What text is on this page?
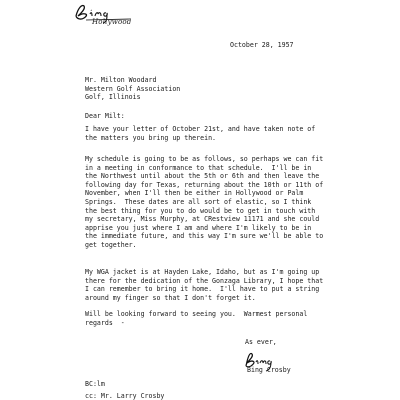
Hollywood
October 28, 1957
Mr. Milton Woodard
Western Golf Association
Golf, Illinois
Dear Milt:
I have your letter of October 21st, and have taken note of
the matters you bring up therein.
My schedule is going to be as follows, so perhaps we can fit
in a meeting in conformance to that schedule.  I'll be in
the Northwest until about the 5th or 6th and then leave the
following day for Texas, returning about the 10th or 11th of
November, when I'll then be either in Hollywood or Palm
Springs.  These dates are all sort of elastic, so I think
the best thing for you to do would be to get in touch with
my secretary, Miss Murphy, at CRestview 11171 and she could
apprise you just where I am and where I'm likely to be in
the immediate future, and this way I'm sure we'll be able to
get together.
My WGA jacket is at Hayden Lake, Idaho, but as I'm going up
there for the dedication of the Gonzaga Library, I hope that
I can remember to bring it home.  I'll have to put a string
around my finger so that I don't forget it.
Will be looking forward to seeing you.  Warmest personal
regards  -
As ever,
Bing Crosby
BC:lm
cc: Mr. Larry Crosby
